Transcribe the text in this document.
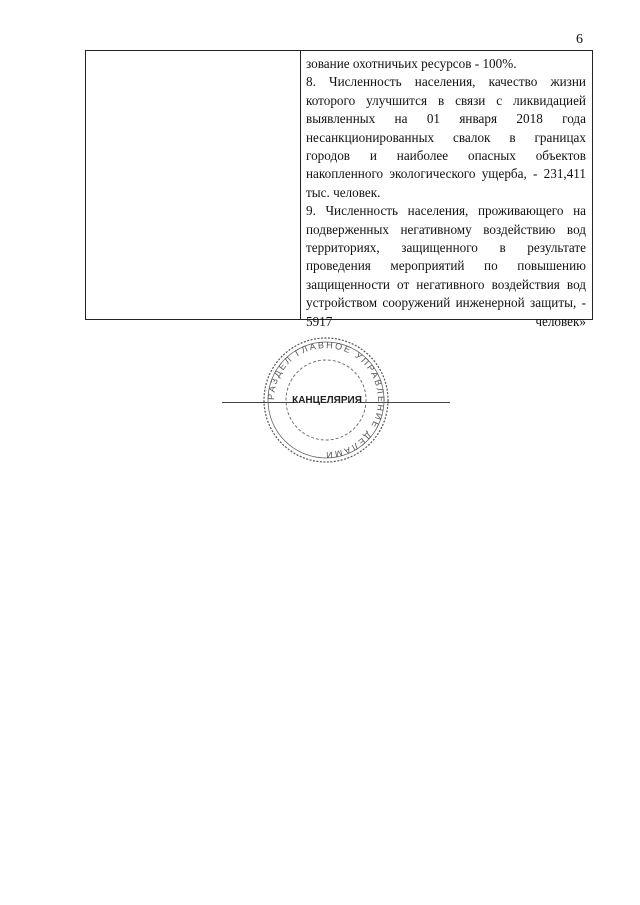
6

зование охотничьих ресурсов - 100%.

8. Численность населения, качество жизни которого улучшится в связи с ликвидацией выявленных на 01 января 2018 года несанкционированных свалок в границах городов и наиболее опасных объектов накопленного экологического ущерба, - 231,411 тыс. человек.

9. Численность населения, проживающего на подверженных негативному воздействию вод территориях, защищенного в результате проведения мероприятий по повышению защищенности от негативного воздействия вод устройством сооружений инженерной защиты, - 5917 человек»

РАЗДЕЛ ГЛАВНОЕ УПРАВЛЕНИЕ ДЕЛАМИ
КАНЦЕЛЯРИЯ
